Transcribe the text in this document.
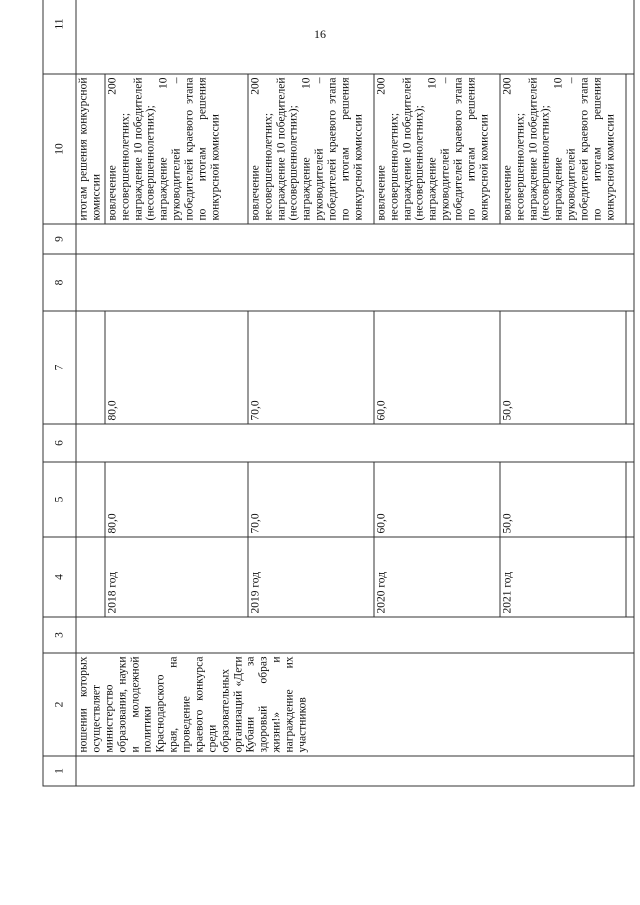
16
1	2	3	4	5	6	7	8	9	10	11
	ношении которых осуществляет министерство образования, науки и молодежной политики Краснодарского края, на проведение краевого конкурса среди образовательных организаций «Дети Кубани за здоровый образ жизни!» и награждение их участников								итогам решения конкурсной комиссии	
			2018 год	80,0		80,0			вовлечение 200 несовершеннолетних; награждение 10 победителей (несовершеннолетних); награждение 10 руководителей – победителей краевого этапа по итогам решения конкурсной комиссии	
			2019 год	70,0		70,0			вовлечение 200 несовершеннолетних; награждение 10 победителей (несовершеннолетних); награждение 10 руководителей – победителей краевого этапа по итогам решения конкурсной комиссии	
			2020 год	60,0		60,0			вовлечение 200 несовершеннолетних; награждение 10 победителей (несовершеннолетних); награждение 10 руководителей – победителей краевого этапа по итогам решения конкурсной комиссии	
			2021 год	50,0		50,0			вовлечение 200 несовершеннолетних; награждение 10 победителей (несовершеннолетних); награждение 10 руководителей – победителей краевого этапа по итогам решения конкурсной комиссии	
